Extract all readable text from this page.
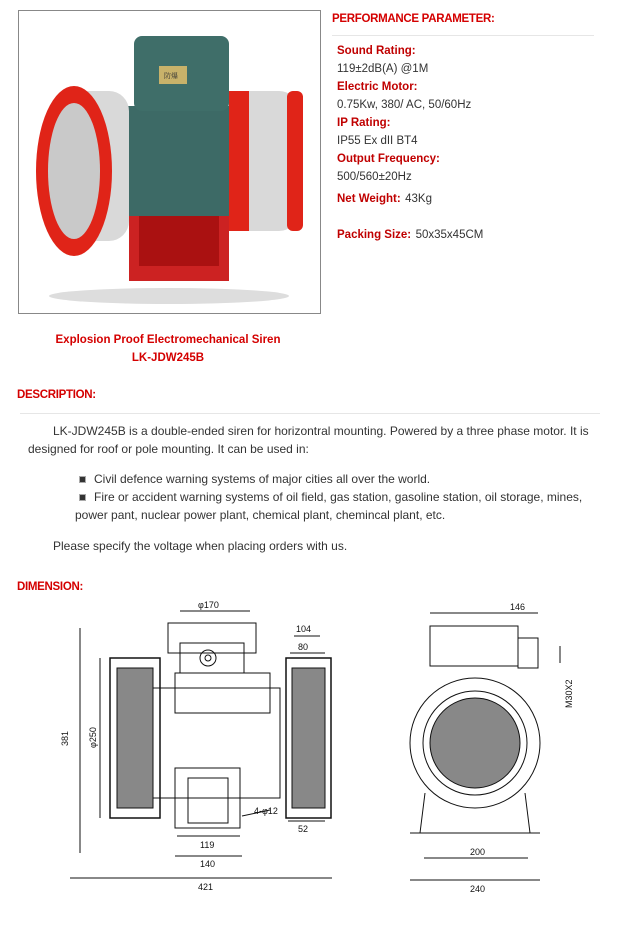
防爆
Explosion Proof Electromechanical Siren
LK-JDW245B
PERFORMANCE PARAMETER:
Sound Rating:
119±2dB(A) @1M
Electric Motor:
0.75Kw, 380/ AC, 50/60Hz
IP Rating:
IP55 Ex dII BT4
Output Frequency:
500/560±20Hz
Net Weight: 43Kg
Packing Size: 50x35x45CM
DESCRIPTION:
LK-JDW245B is a double-ended siren for horizontral mounting. Powered by a three phase motor. It is designed for roof or pole mounting. It can be used in:
Civil defence warning systems of major cities all over the world.
Fire or accident warning systems of oil field, gas station, gasoline station, oil storage, mines, power pant, nuclear power plant, chemical plant, chemincal plant, etc.
Please specify the voltage when placing orders with us.
DIMENSION:
φ170
104
80
381 φ250
4-φ12
52
119
140
421
146
M30X2
200
240
